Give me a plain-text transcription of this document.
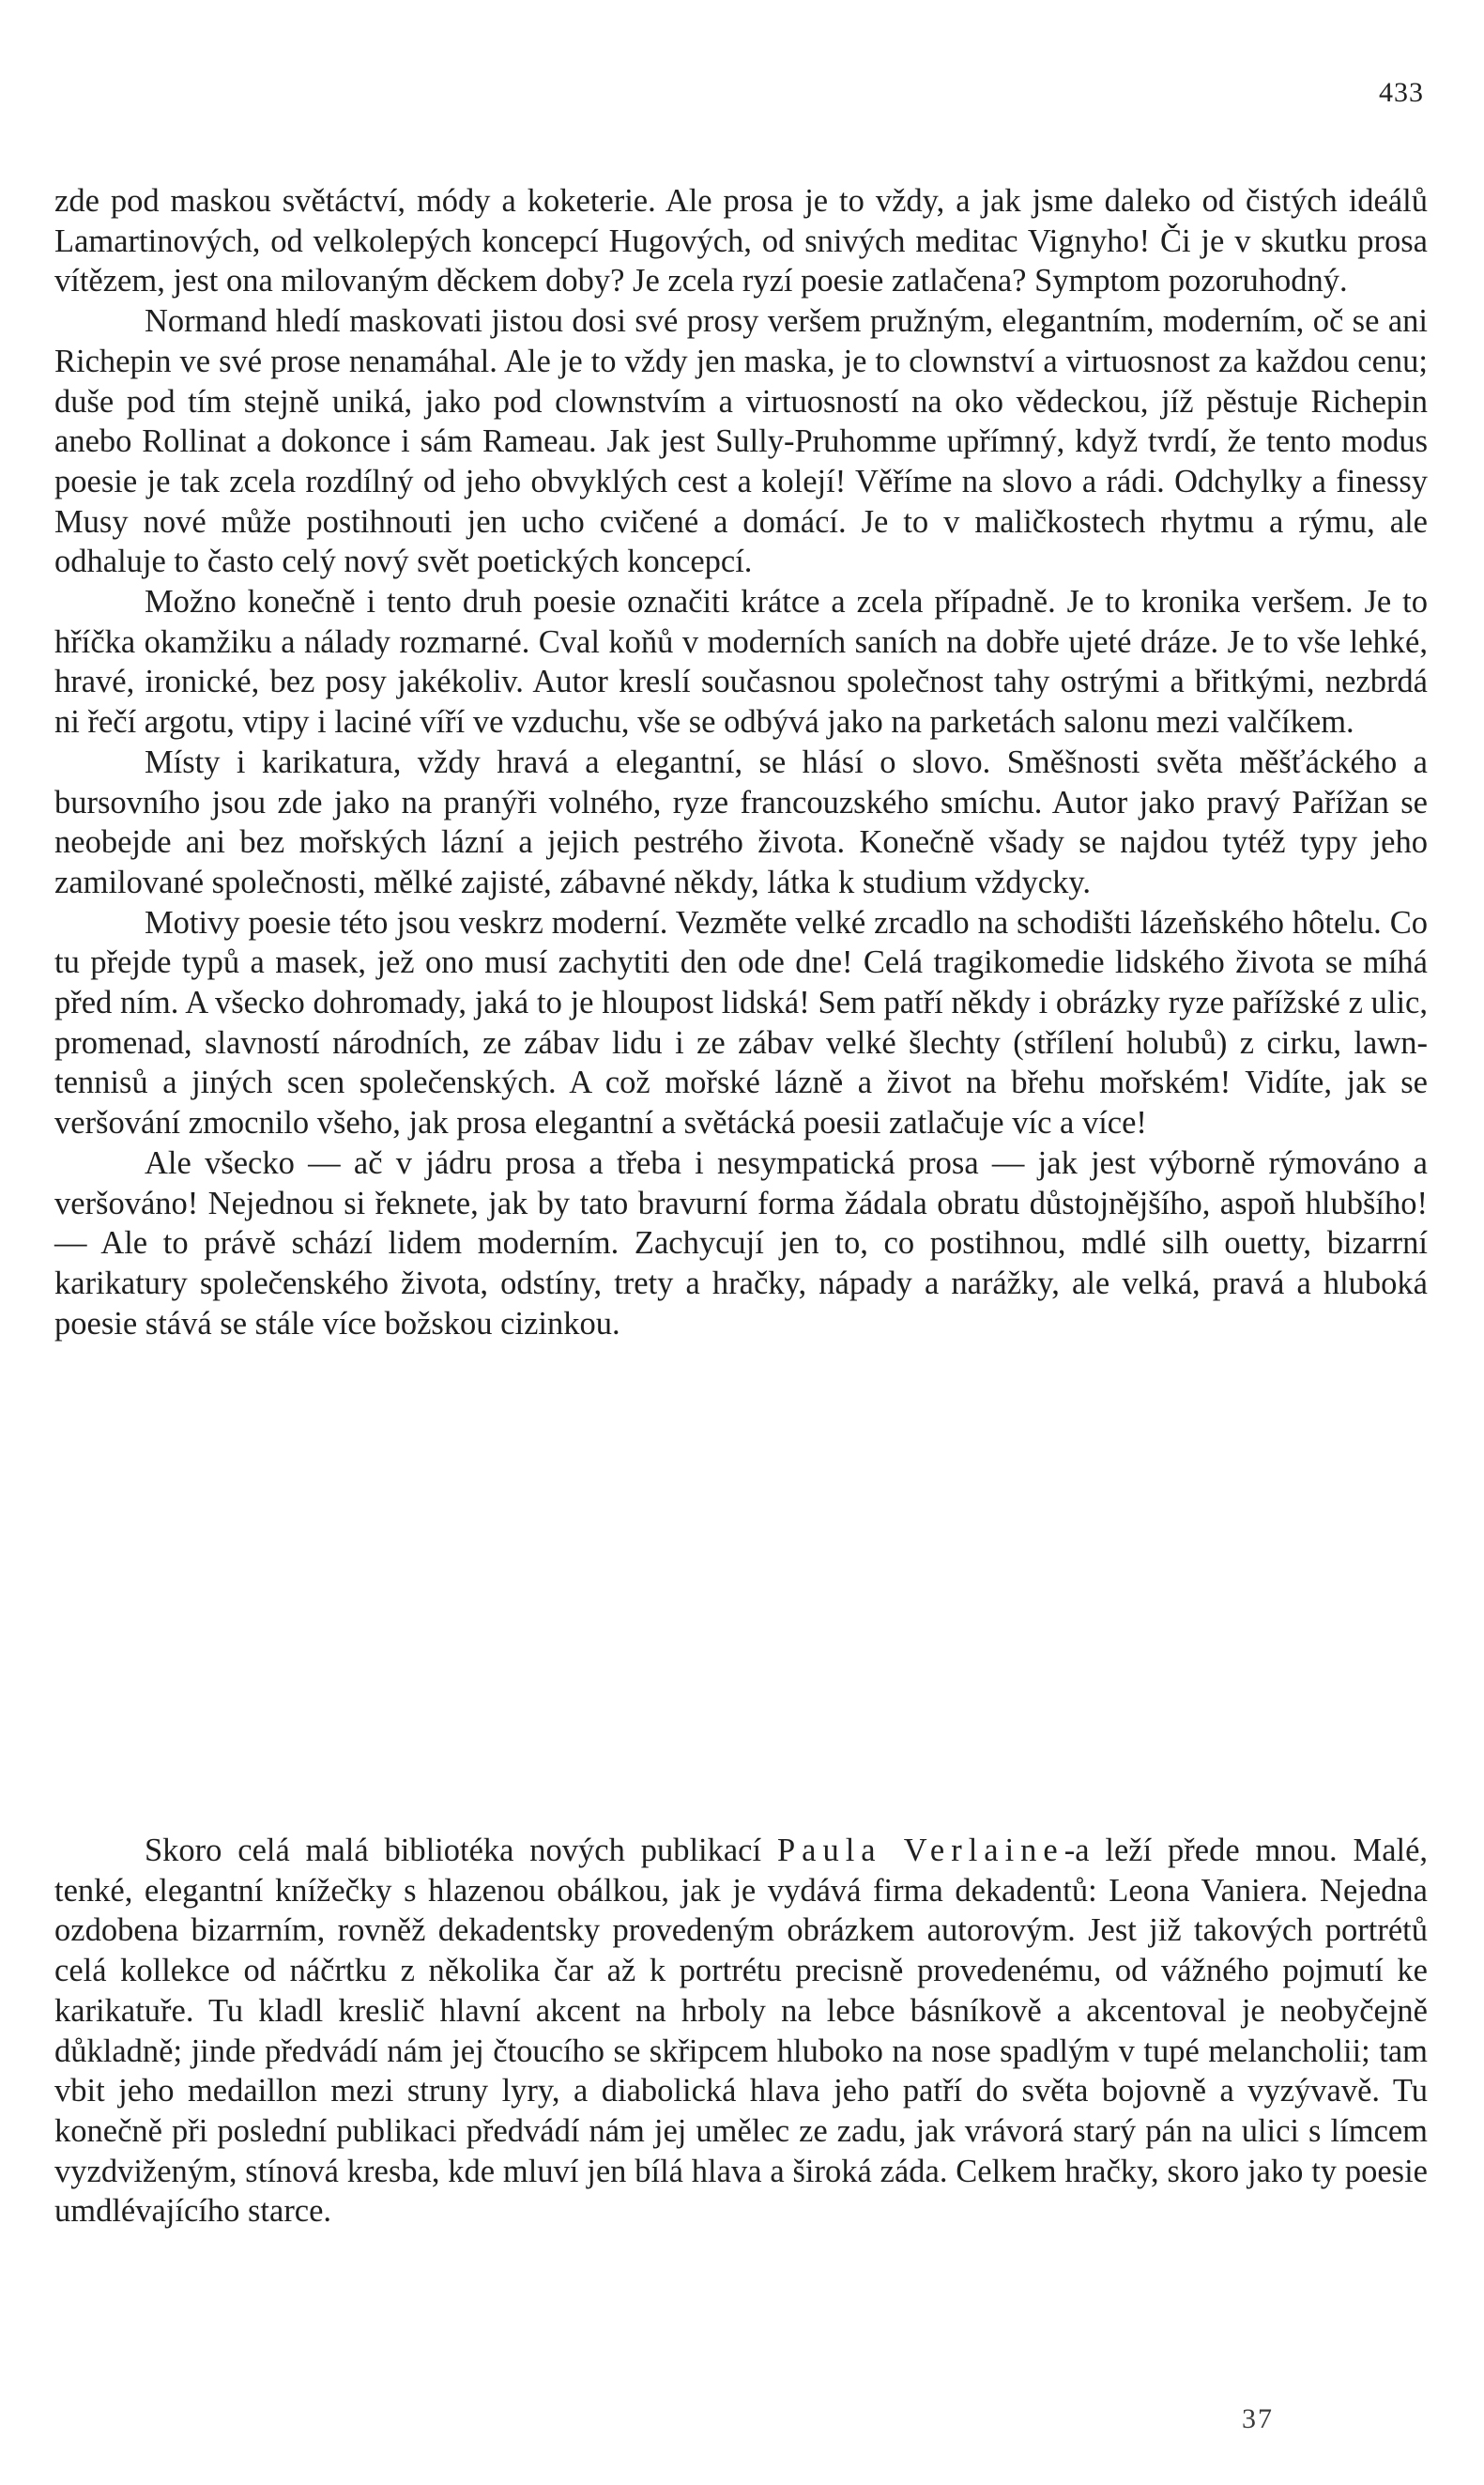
433

zde pod maskou světáctví, módy a koketerie. Ale prosa je to vždy, a jak jsme daleko od čistých ideálů Lamartinových, od velkolepých koncepcí Hugových, od snivých meditac Vignyho! Či je v skutku prosa vítězem, jest ona milovaným děckem doby? Je zcela ryzí poesie zatlačena? Symptom pozoruhodný.

Normand hledí maskovati jistou dosi své prosy veršem pružným, elegantním, moderním, oč se ani Richepin ve své prose nenamáhal. Ale je to vždy jen maska, je to clownství a virtuosnost za každou cenu; duše pod tím stejně uniká, jako pod clownstvím a virtuosností na oko vědeckou, jíž pěstuje Richepin anebo Rollinat a dokonce i sám Rameau. Jak jest Sully-Pruhomme upřímný, když tvrdí, že tento modus poesie je tak zcela rozdílný od jeho obvyklých cest a kolejí! Věříme na slovo a rádi. Odchylky a finessy Musy nové může postihnouti jen ucho cvičené a domácí. Je to v maličkostech rhytmu a rýmu, ale odhaluje to často celý nový svět poetických koncepcí.

Možno konečně i tento druh poesie označiti krátce a zcela případně. Je to kronika veršem. Je to hříčka okamžiku a nálady rozmarné. Cval koňů v moderních saních na dobře ujeté dráze. Je to vše lehké, hravé, ironické, bez posy jakékoliv. Autor kreslí současnou společnost tahy ostrými a břitkými, nezbrdá ni řečí argotu, vtipy i laciné víří ve vzduchu, vše se odbývá jako na parketách salonu mezi valčíkem.

Místy i karikatura, vždy hravá a elegantní, se hlásí o slovo. Směšnosti světa měšťáckého a bursovního jsou zde jako na pranýři volného, ryze francouzského smíchu. Autor jako pravý Pařížan se neobejde ani bez mořských lázní a jejich pestrého života. Konečně všady se najdou tytéž typy jeho zamilované společnosti, mělké zajisté, zábavné někdy, látka k studium vždycky.

Motivy poesie této jsou veskrz moderní. Vezměte velké zrcadlo na schodišti lázeňského hôtelu. Co tu přejde typů a masek, jež ono musí zachytiti den ode dne! Celá tragikomedie lidského života se míhá před ním. A všecko dohromady, jaká to je hloupost lidská! Sem patří někdy i obrázky ryze pařížské z ulic, promenad, slavností národních, ze zábav lidu i ze zábav velké šlechty (střílení holubů) z cirku, lawn-tennisů a jiných scen společenských. A což mořské lázně a život na břehu mořském! Vidíte, jak se veršování zmocnilo všeho, jak prosa elegantní a světácká poesii zatlačuje víc a více!

Ale všecko — ač v jádru prosa a třeba i nesympatická prosa — jak jest výborně rýmováno a veršováno! Nejednou si řeknete, jak by tato bravurní forma žádala obratu důstojnějšího, aspoň hlubšího! — Ale to právě schází lidem moderním. Zachycují jen to, co postihnou, mdlé silh ouetty, bizarrní karikatury společenského života, odstíny, trety a hračky, nápady a narážky, ale velká, pravá a hluboká poesie stává se stále více božskou cizinkou.

Skoro celá malá bibliotéka nových publikací Paula Verlaine-a leží přede mnou. Malé, tenké, elegantní knížečky s hlazenou obálkou, jak je vydává firma dekadentů: Leona Vaniera. Nejedna ozdobena bizarrním, rovněž dekadentsky provedeným obrázkem autorovým. Jest již takových portrétů celá kollekce od náčrtku z několika čar až k portrétu precisně provedenému, od vážného pojmutí ke karikatuře. Tu kladl kreslič hlavní akcent na hrboly na lebce básníkově a akcentoval je neobyčejně důkladně; jinde předvádí nám jej čtoucího se skřipcem hluboko na nose spadlým v tupé melancholii; tam vbit jeho medaillon mezi struny lyry, a diabolická hlava jeho patří do světa bojovně a vyzývavě. Tu konečně při poslední publikaci předvádí nám jej umělec ze zadu, jak vrávorá starý pán na ulici s límcem vyzdviženým, stínová kresba, kde mluví jen bílá hlava a široká záda. Celkem hračky, skoro jako ty poesie umdlévajícího starce.

37
